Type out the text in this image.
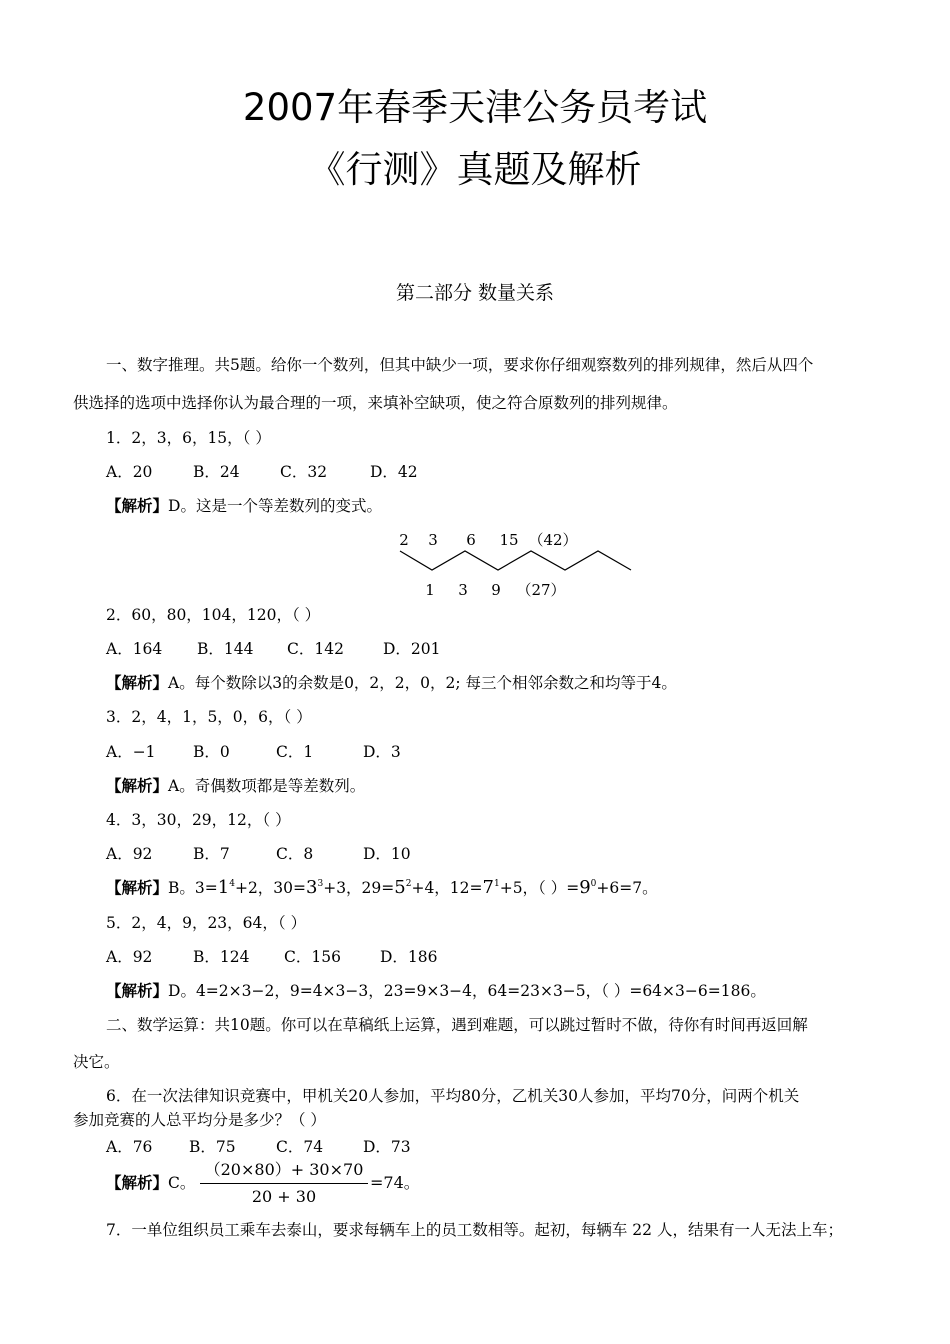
2007年春季天津公务员考试
《行测》真题及解析
第二部分 数量关系
一、数字推理。共5题。给你一个数列，但其中缺少一项，要求你仔细观察数列的排列规律，然后从四个
供选择的选项中选择你认为最合理的一项，来填补空缺项，使之符合原数列的排列规律。
1．2，3，6，15，（ ）
A．20	B．24	C．32	D．42
【解析】D。这是一个等差数列的变式。
2 3 6 15 （42）
1 3 9 （27）
2．60，80，104，120，（ ）
A．164 B．144 C．142	D．201
【解析】A。每个数除以3的余数是0，2，2，0，2; 每三个相邻余数之和均等于4。
3．2，4，1，5，0，6，（ ）
A．−1 B．0	C．1	D．3
【解析】A。奇偶数项都是等差数列。
4．3，30，29，12，（ ）
A．92	B．7	C．8	D．10
【解析】B。$3=1^4+2$，$30=3^3+3$，$29=5^2+4$，$12=7^1+5$，（ ）$=9^0+6=7$。
5．2，4，9，23，64，（ ）
A．92	B．124 C．156	D．186
【解析】D。4=2×3−2，9=4×3−3，23=9×3−4，64=23×3−5，（ ）=64×3−6=186。
二、数学运算：共10题。你可以在草稿纸上运算，遇到难题，可以跳过暂时不做，待你有时间再返回解
决它。
6．在一次法律知识竞赛中，甲机关20人参加，平均80分，乙机关30人参加，平均70分，问两个机关
参加竞赛的人总平均分是多少？（ ）
A．76 B．75	C．74	D．73
【解析】C。 $\frac{(20\times 80)+ 30\times 70}{20 + 30} =74$。
7．一单位组织员工乘车去泰山，要求每辆车上的员工数相等。起初，每辆车 22 人，结果有一人无法上车；
